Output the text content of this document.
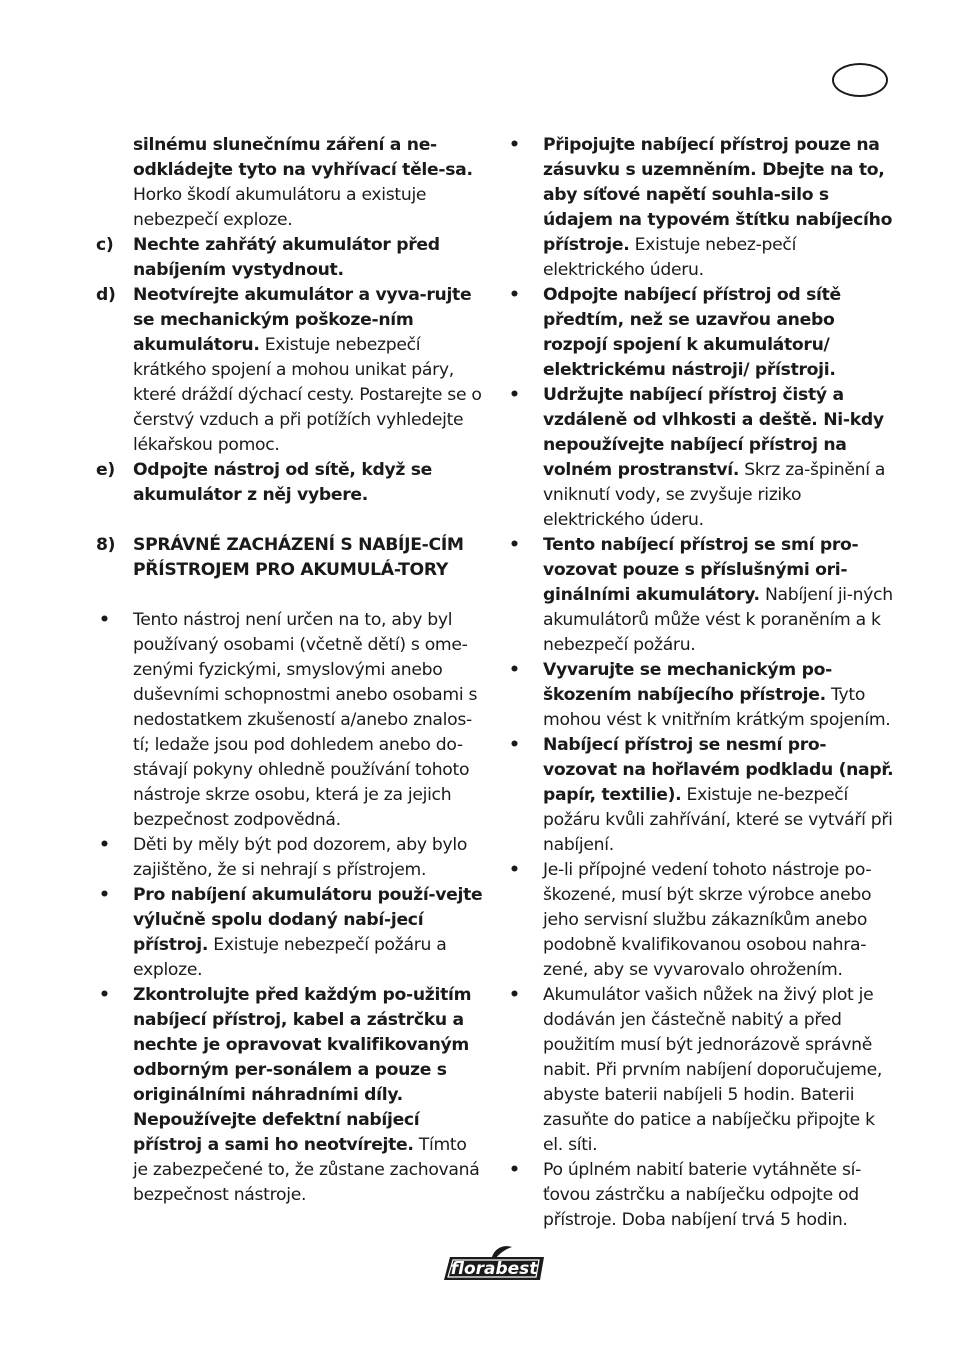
silnému slunečnímu záření a ne-odkládejte tyto na vyhřívací těle-sa. Horko škodí akumulátoru a existuje nebezpečí exploze.
c) Nechte zahřátý akumulátor před nabíjením vystydnout.
d) Neotvírejte akumulátor a vyva-rujte se mechanickým poškoze-ním akumulátoru. Existuje nebezpečí krátkého spojení a mohou unikat páry, které dráždí dýchací cesty. Postarejte se o čerstvý vzduch a při potížích vyhledejte lékařskou pomoc.
e) Odpojte nástroj od sítě, když se akumulátor z něj vybere.
8) SPRÁVNÉ ZACHÁZENÍ S NABÍJE-CÍM PŘÍSTROJEM PRO AKUMULÁ-TORY
• Tento nástroj není určen na to, aby byl používaný osobami (včetně dětí) s ome-zenými fyzickými, smyslovými anebo duševními schopnostmi anebo osobami s nedostatkem zkušeností a/anebo znalos-tí; ledaže jsou pod dohledem anebo do-stávají pokyny ohledně používání tohoto nástroje skrze osobu, která je za jejich bezpečnost zodpovědná.
• Děti by měly být pod dozorem, aby bylo zajištěno, že si nehrají s přístrojem.
• Pro nabíjení akumulátoru použí-vejte výlučně spolu dodaný nabí-jecí přístroj. Existuje nebezpečí požáru a exploze.
• Zkontrolujte před každým po-užitím nabíjecí přístroj, kabel a zástrčku a nechte je opravovat kvalifikovaným odborným per-sonálem a pouze s originálními náhradními díly. Nepoužívejte defektní nabíjecí přístroj a sami ho neotvírejte. Tímto je zabezpečené to, že zůstane zachovaná bezpečnost nástroje.
• Připojujte nabíjecí přístroj pouze na zásuvku s uzemněním. Dbejte na to, aby síťové napětí souhla-silo s údajem na typovém štítku nabíjecího přístroje. Existuje nebez-pečí elektrického úderu.
• Odpojte nabíjecí přístroj od sítě předtím, než se uzavřou anebo rozpojí spojení k akumulátoru/ elektrickému nástroji/ přístroji.
• Udržujte nabíjecí přístroj čistý a vzdáleně od vlhkosti a deště. Ni-kdy nepoužívejte nabíjecí přístroj na volném prostranství. Skrz za-špinění a vniknutí vody, se zvyšuje riziko elektrického úderu.
• Tento nabíjecí přístroj se smí pro-vozovat pouze s příslušnými ori-ginálními akumulátory. Nabíjení ji-ných akumulátorů může vést k poraněním a k nebezpečí požáru.
• Vyvarujte se mechanickým po-škozením nabíjecího přístroje. Tyto mohou vést k vnitřním krátkým spojením.
• Nabíjecí přístroj se nesmí pro-vozovat na hořlavém podkladu (např. papír, textilie). Existuje ne-bezpečí požáru kvůli zahřívání, které se vytváří při nabíjení.
• Je-li přípojné vedení tohoto nástroje po-škozené, musí být skrze výrobce anebo jeho servisní službu zákazníkům anebo podobně kvalifikovanou osobou nahra-zené, aby se vyvarovalo ohrožením.
• Akumulátor vašich nůžek na živý plot je dodáván jen částečně nabitý a před použitím musí být jednorázově správně nabit. Při prvním nabíjení doporučujeme, abyste baterii nabíjeli 5 hodin. Baterii zasuňte do patice a nabíječku připojte k el. síti.
• Po úplném nabití baterie vytáhněte sí-ťovou zástrčku a nabíječku odpojte od přístroje. Doba nabíjení trvá 5 hodin.
florabest
